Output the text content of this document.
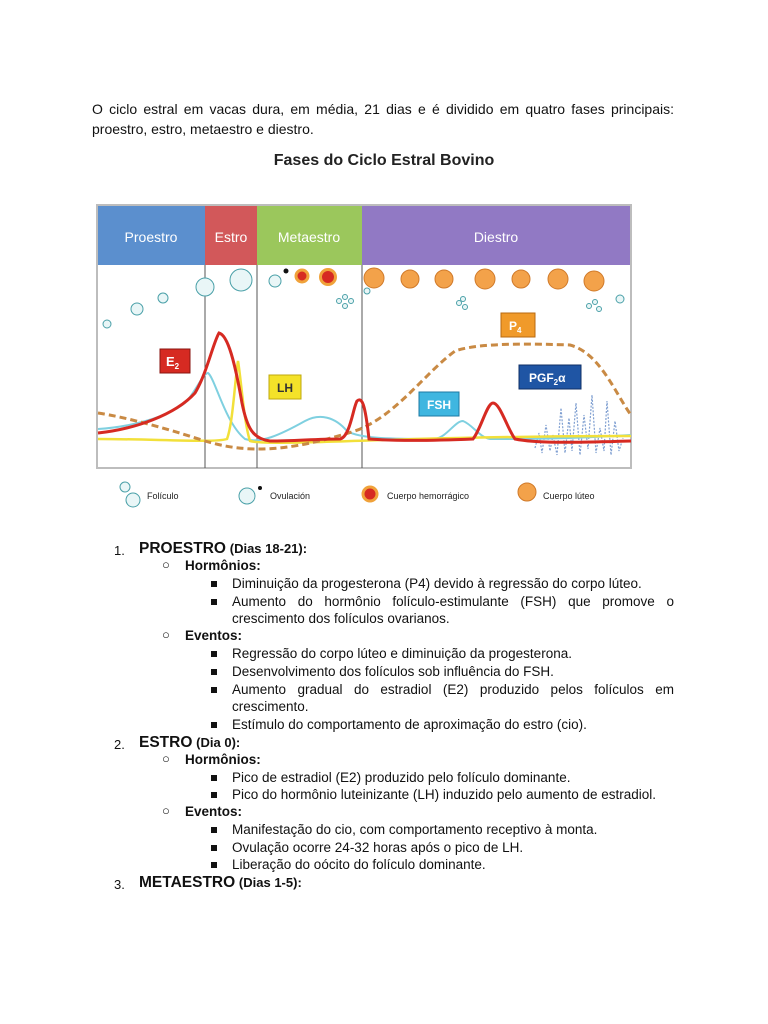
O ciclo estral em vacas dura, em média, 21 dias e é dividido em quatro fases principais: proestro, estro, metaestro e diestro.
Fases do Ciclo Estral Bovino
Proestro	Estro Metaestro	Diestro
$E_2$
LH
FSH
$P_4$
$PGF_2\alpha$
Folículo	Ovulación	Cuerpo hemorrágico	Cuerpo lúteo
1. PROESTRO (Dias 18-21):
○ Hormônios:
Diminuição da progesterona (P4) devido à regressão do corpo lúteo.
Aumento do hormônio folículo-estimulante (FSH) que promove o crescimento dos folículos ovarianos.
○ Eventos:
Regressão do corpo lúteo e diminuição da progesterona.
Desenvolvimento dos folículos sob influência do FSH.
Aumento gradual do estradiol (E2) produzido pelos folículos em crescimento.
Estímulo do comportamento de aproximação do estro (cio).
2. ESTRO (Dia 0):
○ Hormônios:
Pico de estradiol (E2) produzido pelo folículo dominante.
Pico do hormônio luteinizante (LH) induzido pelo aumento de estradiol.
○ Eventos:
Manifestação do cio, com comportamento receptivo à monta.
Ovulação ocorre 24-32 horas após o pico de LH.
Liberação do oócito do folículo dominante.
3. METAESTRO (Dias 1-5):
